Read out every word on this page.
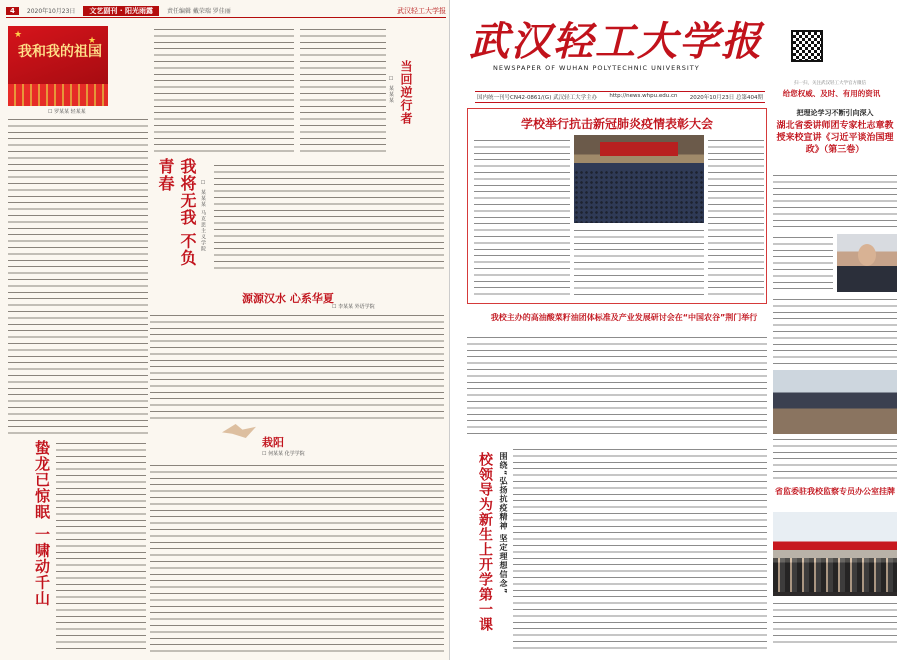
4	2020年10月23日	文艺副刊 · 阳光雨露	责任编辑 戴荣瑞 罗佳丽	武汉轻工大学报
★
★
我和我的祖国
☐ 罗某某 轻某某	当回逆行者
☐ 某某某
我将无我 不负青春
☐ 某某某 马克思主义学院
源源汉水 心系华夏
☐ 李某某 外语学院
栽阳
☐ 何某某 化学学院
蛰龙已惊眠 一啸动千山
武汉轻工大学报
NEWSPAPER OF WUHAN POLYTECHNIC UNIVERSITY
扫一扫，关注武汉轻工大学官方微信
给您权威、及时、有用的资讯
国内统一刊号CN42-0861/(G) 武汉轻工大学主办 http://news.whpu.edu.cn 2020年10月23日 总第404期
学校举行抗击新冠肺炎疫情表彰大会
把理论学习不断引向深入
湖北省委讲师团专家杜志章教授来校宣讲《习近平谈治国理政》（第三卷）
我校主办的高油酸菜籽油团体标准及产业发展研讨会在“中国农谷”荆门举行
校领导为新生上开学第一课 围绕“弘扬抗疫精神 坚定理想信念”	省监委驻我校监察专员办公室挂牌
